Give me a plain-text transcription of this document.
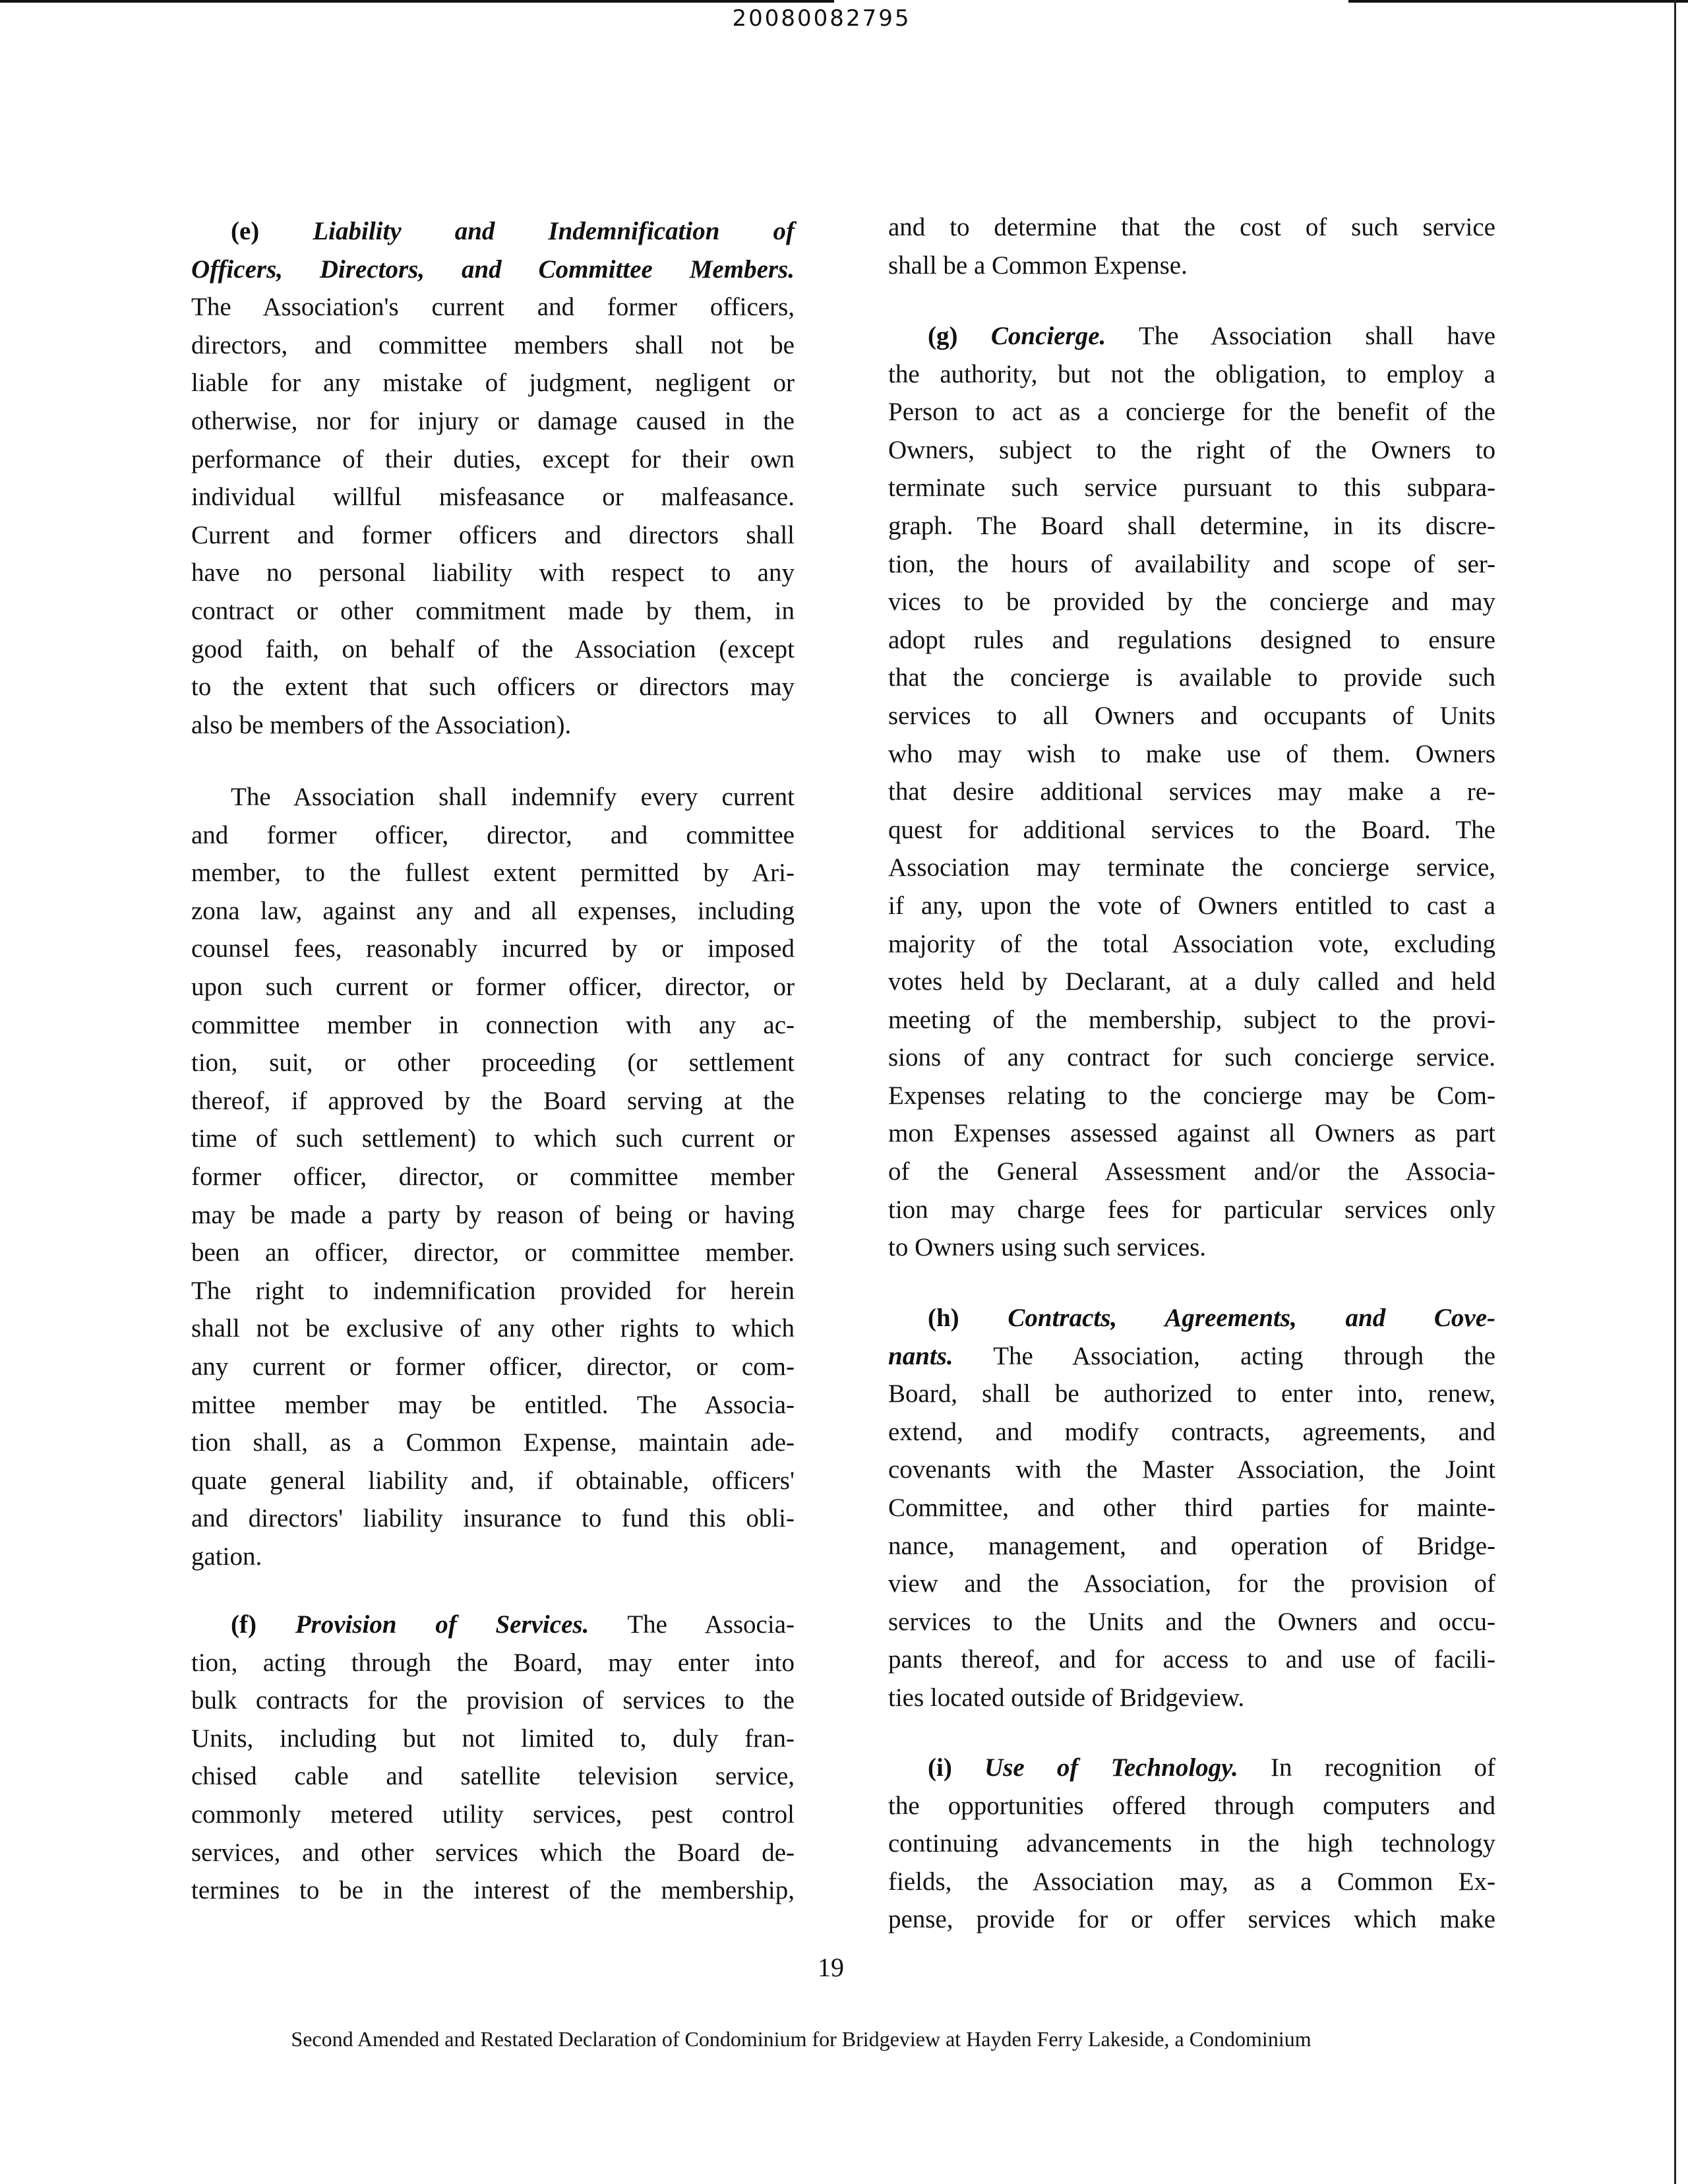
20080082795
(e) Liability and Indemnification of
Officers, Directors, and Committee Members.
The Association's current and former officers,
directors, and committee members shall not be
liable for any mistake of judgment, negligent or
otherwise, nor for injury or damage caused in the
performance of their duties, except for their own
individual willful misfeasance or malfeasance.
Current and former officers and directors shall
have no personal liability with respect to any
contract or other commitment made by them, in
good faith, on behalf of the Association (except
to the extent that such officers or directors may
also be members of the Association).
The Association shall indemnify every current
and former officer, director, and committee
member, to the fullest extent permitted by Ari-
zona law, against any and all expenses, including
counsel fees, reasonably incurred by or imposed
upon such current or former officer, director, or
committee member in connection with any ac-
tion, suit, or other proceeding (or settlement
thereof, if approved by the Board serving at the
time of such settlement) to which such current or
former officer, director, or committee member
may be made a party by reason of being or having
been an officer, director, or committee member.
The right to indemnification provided for herein
shall not be exclusive of any other rights to which
any current or former officer, director, or com-
mittee member may be entitled. The Associa-
tion shall, as a Common Expense, maintain ade-
quate general liability and, if obtainable, officers'
and directors' liability insurance to fund this obli-
gation.
(f) Provision of Services. The Associa-
tion, acting through the Board, may enter into
bulk contracts for the provision of services to the
Units, including but not limited to, duly fran-
chised cable and satellite television service,
commonly metered utility services, pest control
services, and other services which the Board de-
termines to be in the interest of the membership,
and to determine that the cost of such service
shall be a Common Expense.
(g) Concierge. The Association shall have
the authority, but not the obligation, to employ a
Person to act as a concierge for the benefit of the
Owners, subject to the right of the Owners to
terminate such service pursuant to this subpara-
graph. The Board shall determine, in its discre-
tion, the hours of availability and scope of ser-
vices to be provided by the concierge and may
adopt rules and regulations designed to ensure
that the concierge is available to provide such
services to all Owners and occupants of Units
who may wish to make use of them. Owners
that desire additional services may make a re-
quest for additional services to the Board. The
Association may terminate the concierge service,
if any, upon the vote of Owners entitled to cast a
majority of the total Association vote, excluding
votes held by Declarant, at a duly called and held
meeting of the membership, subject to the provi-
sions of any contract for such concierge service.
Expenses relating to the concierge may be Com-
mon Expenses assessed against all Owners as part
of the General Assessment and/or the Associa-
tion may charge fees for particular services only
to Owners using such services.
(h) Contracts, Agreements, and Cove-
nants. The Association, acting through the
Board, shall be authorized to enter into, renew,
extend, and modify contracts, agreements, and
covenants with the Master Association, the Joint
Committee, and other third parties for mainte-
nance, management, and operation of Bridge-
view and the Association, for the provision of
services to the Units and the Owners and occu-
pants thereof, and for access to and use of facili-
ties located outside of Bridgeview.
(i) Use of Technology. In recognition of
the opportunities offered through computers and
continuing advancements in the high technology
fields, the Association may, as a Common Ex-
pense, provide for or offer services which make
19
Second Amended and Restated Declaration of Condominium for Bridgeview at Hayden Ferry Lakeside, a Condominium
